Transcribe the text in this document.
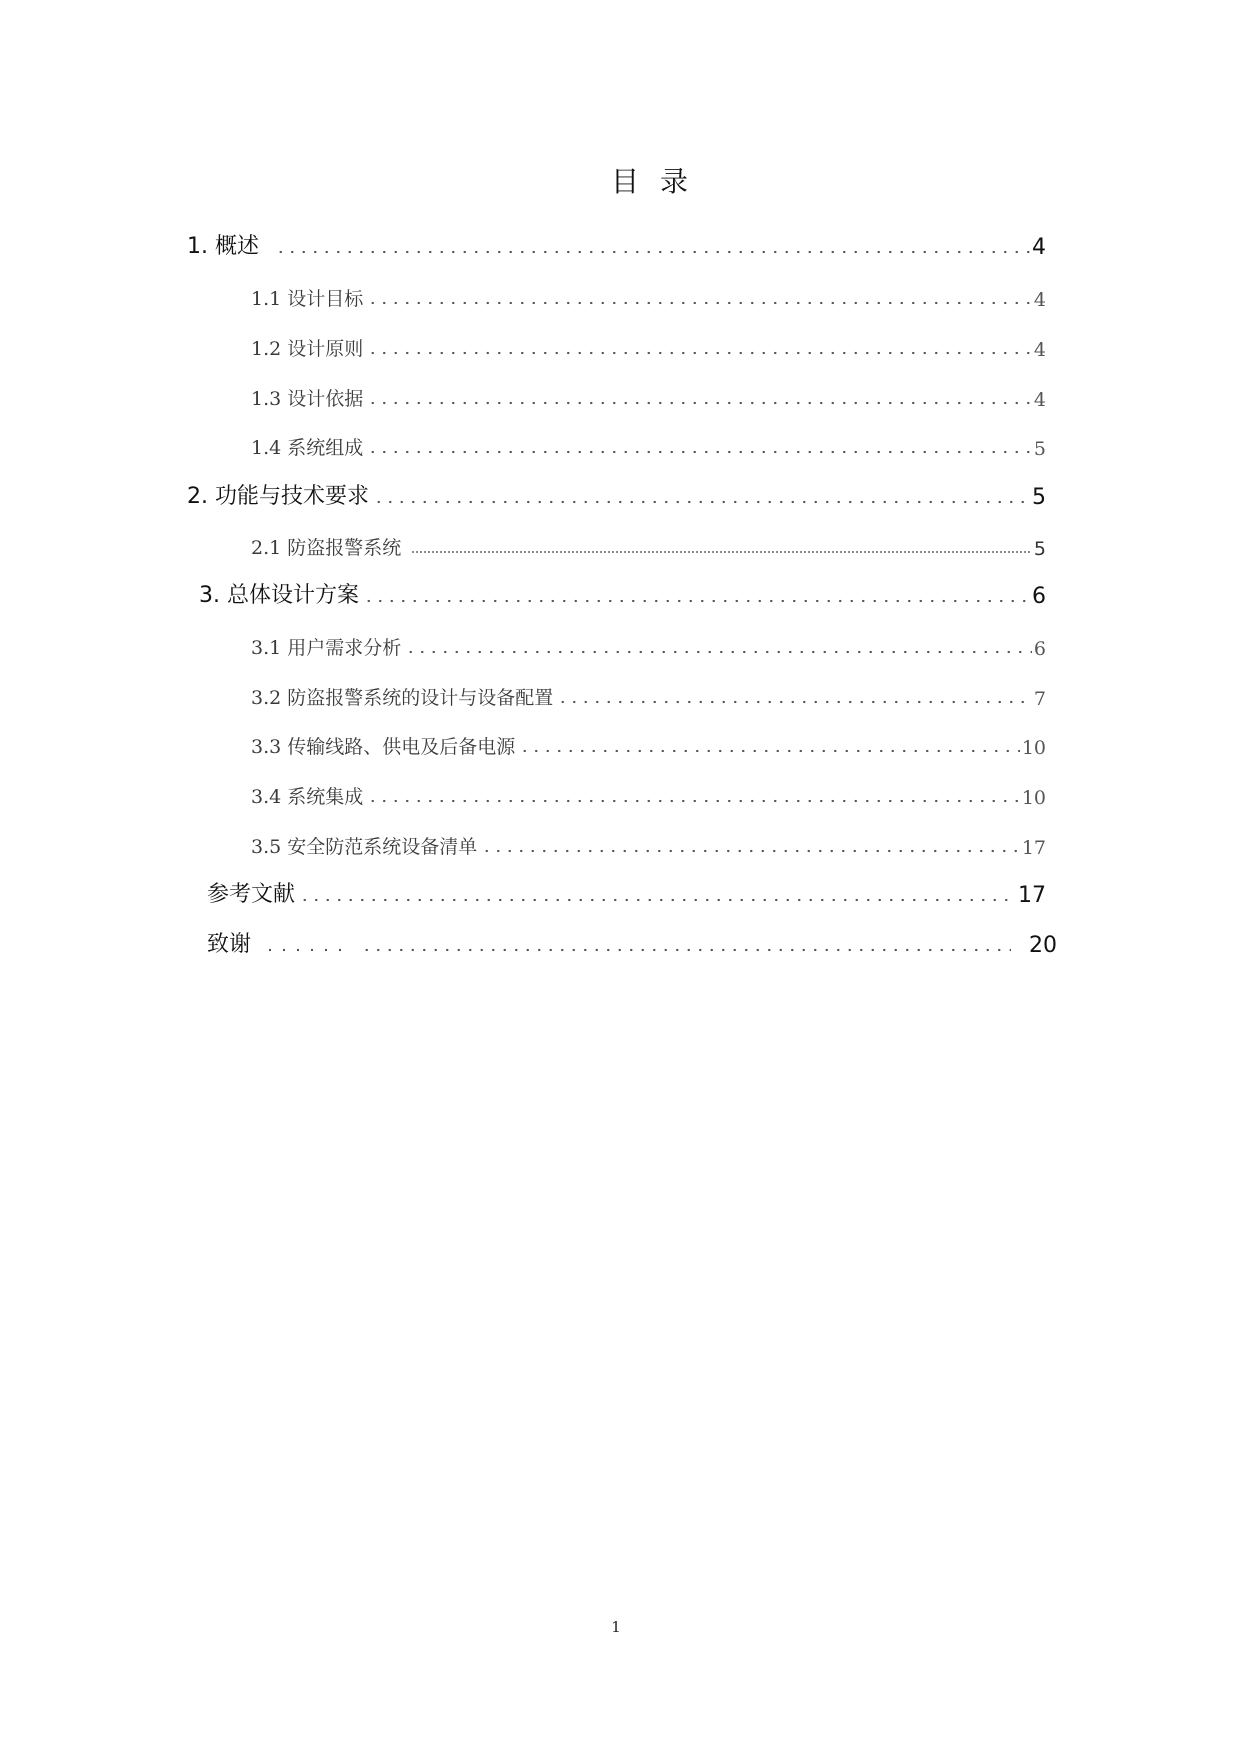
目 录
1. 概述	4
1.1 设计目标	4
1.2 设计原则	4
1.3 设计依据	4
1.4 系统组成	5
2. 功能与技术要求	5
2.1 防盗报警系统	5
3. 总体设计方案	6
3.1 用户需求分析	6
3.2 防盗报警系统的设计与设备配置	7
3.3 传输线路、供电及后备电源	10
3.4 系统集成	10
3.5 安全防范系统设备清单	17
参考文献	17
致谢	20
1
